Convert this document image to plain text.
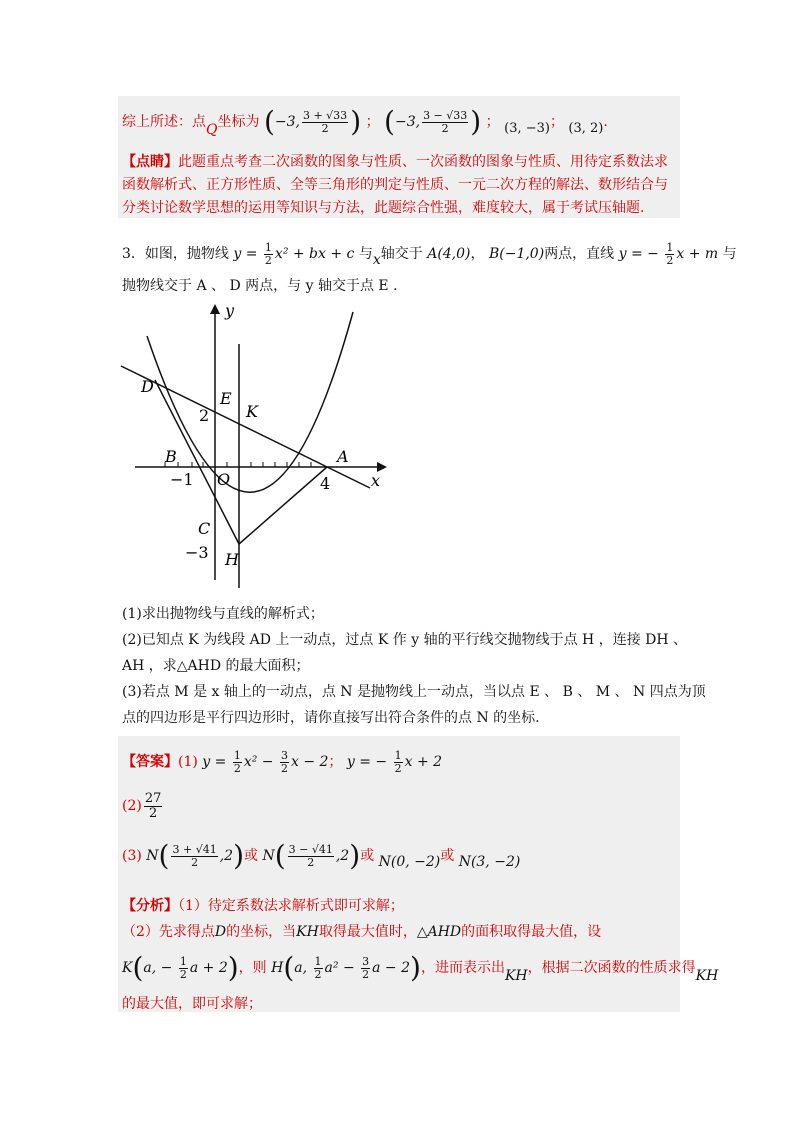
综上所述：点Q坐标为 (−3, $\frac{3 + √33}{2}$ ) ； (−3, $\frac{3 - √33}{2}$ ) ； (3, −3)； (3, 2).
【点睛】此题重点考查二次函数的图象与性质、一次函数的图象与性质、用待定系数法求
函数解析式、正方形性质、全等三角形的判定与性质、一元二次方程的解法、数形结合与
分类讨论数学思想的运用等知识与方法，此题综合性强，难度较大，属于考试压轴题.
3．如图，抛物线 $y = \frac{1}{2} x^2$ + bx + c 与x轴交于 A(4,0)， B(−1,0)两点，直线 y = − $\frac{1}{2}$ x + m 与
抛物线交于 A 、 D 两点，与 y 轴交于点 E .
y
x
D
E
K
2
B
−1 O
A
4
C
−3 H
(1)求出抛物线与直线的解析式；
(2)已知点 K 为线段 AD 上一动点，过点 K 作 y 轴的平行线交抛物线于点 H ，连接 DH 、
AH ，求△AHD 的最大面积；
(3)若点 M 是 x 轴上的一动点，点 N 是抛物线上一动点，当以点 E 、 B 、 M 、 N 四点为顶
点的四边形是平行四边形时，请你直接写出符合条件的点 N 的坐标.
【答案】(1) $y = \frac{1}{2} x^2 - \frac{3}{2}$ x − 2； y = − $\frac{1}{2}$ x + 2
$(2) \frac{27}{2}$
(3) $N( \frac{3 + √41}{2} ,2)$或 $N( \frac{3 - √41}{2} ,2)$或 N(0, −2)或 N(3, −2)
【分析】（1）待定系数法求解析式即可求解；
（2）先求得点D的坐标，当KH取得最大值时，△AHD的面积取得最大值，设
K(a, − $\frac{1}{2}$ a + 2)，则 H(a, $\frac{1}{2} a^2 - \frac{3}{2}$ a − 2)，进而表示出KH，根据二次函数的性质求得KH
的最大值，即可求解；
